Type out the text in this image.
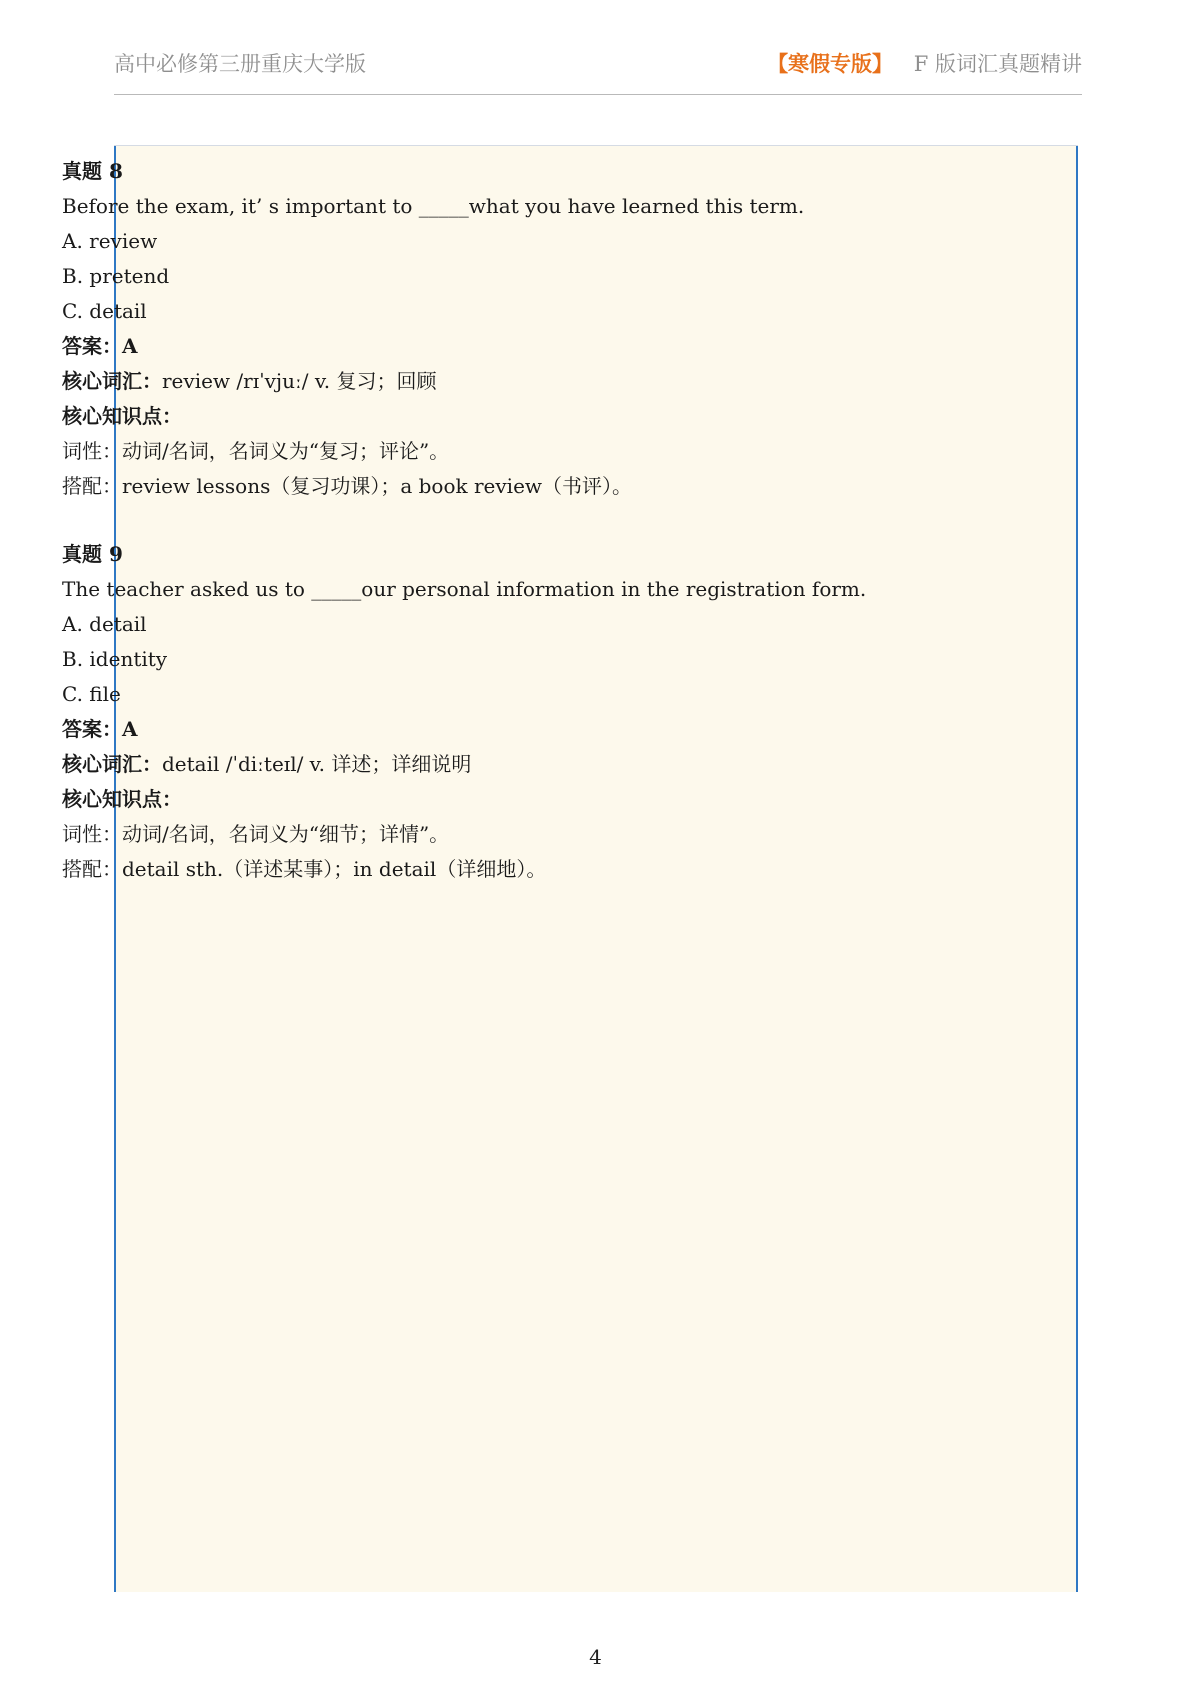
高中必修第三册重庆大学版	【寒假专版】 F 版词汇真题精讲
真题 8
Before the exam, it’ s important to _____what you have learned this term.
A. review
B. pretend
C. detail
答案：A
核心词汇：review /rɪˈvjuː/ v. 复习；回顾
核心知识点：
词性：动词/名词，名词义为“复习；评论”。
搭配：review lessons（复习功课）；a book review（书评）。
真题 9
The teacher asked us to _____our personal information in the registration form.
A. detail
B. identity
C. file
答案：A
核心词汇：detail /ˈdiːteɪl/ v. 详述；详细说明
核心知识点：
词性：动词/名词，名词义为“细节；详情”。
搭配：detail sth.（详述某事）；in detail（详细地）。
4
